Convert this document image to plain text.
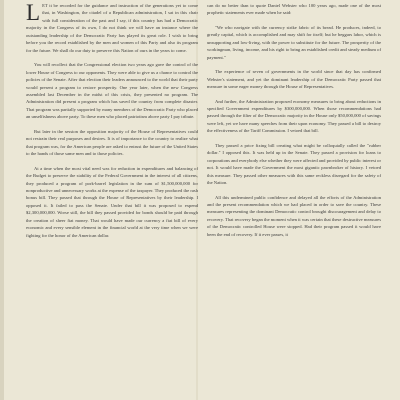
LET it be recorded for the guidance and instruction of the generations yet to come that, in Washington, the citadel of a Republican administration, I sat in this chair with full consideration of the past and I say, if this country has had a Democratic majority in the Congress of its own, I do not think we will have an instance where the outstanding leadership of the Democratic Party has played its great role. I wish to bring before you the record established by the men and women of this Party and also its program for the future. We shall do our duty to preserve this Nation of ours in the years to come.

You will recollect that the Congressional election two years ago gave the control of the lower House of Congress to our opponents. They were able to give us a chance to control the policies of the Senate. After that election their leaders announced to the world that their party would present a program to restore prosperity. One year later, when the new Congress assembled last December in the midst of this crisis, they presented no program. The Administration did present a program which has saved the country from complete disaster. That program was partially supported by many members of the Democratic Party who placed an unselfishness above party. To these men who placed patriotism above party I pay tribute.

But later in the session the opposition majority of the House of Representatives could not restrain their real purposes and desires. It is of importance to the country to realize what that program was, for the American people are asked to entrust the future of the United States to the hands of those same men and to those policies.

At a time when the most vital need was for reduction in expenditures and balancing of the Budget to preserve the stability of the Federal Government in the interest of all citizens, they produced a program of pork-barrel legislation in the sum of $1,500,000,000 for nonproductive and unnecessary works at the expense of the taxpayer. They produced the rash bonus bill. They passed that through the House of Representatives by their leadership. I opposed it. It failed to pass the Senate. Under that bill it was proposed to expend $2,300,000,000. Worse still, the bill they passed provided for bonds should be paid through the creation of sheer fiat money. That would have made our currency a fiat bill of every economic and every sensible element in the financial world at the very time when we were fighting for the honor of the American dollar.

can do no better than to quote Daniel Webster who 100 years ago, made one of the most prophetic statements ever made when he said:

"We who navigate with the currency strike fabric of its bread. He produces, indeed, to greatly capital, which is accomplished and may shift for itself; but he beggars labor, which is unsupporting and low-living, with the power to substitute for the future. The prosperity of the workingman, living, income, and his right to bring an established credit and steady medium of payment."

The experience of seven of governments in the world since that day has confirmed Webster's statement, and yet the dominant leadership of the Democratic Party passed that measure in some eager money through the House of Representatives.

And further, the Administration proposed economy measures to bring about reductions in specified Government expenditures by $300,000,000. When those recommendations had passed through the filter of the Democratic majority in the House only $50,000,000 of savings were left, yet we have many speeches from their upon economy. They passed a bill to destroy the effectiveness of the Tariff Commission. I vetoed that bill.

They passed a price fixing bill creating what might be colloquially called the "rubber dollar." I opposed this. It was held up in the Senate. They passed a provision for loans to corporations and everybody else whether they were affected and provided by public interest or not. It would have made the Government the most gigantic pawnbroker of history. I vetoed this measure. They passed other measures with this same reckless disregard for the safety of the Nation.

All this undermined public confidence and delayed all the efforts of the Administration and the present recommendation which we had placed in order to save the country. These measures representing the dominant Democratic control brought discouragement and delay to recovery. That recovery began the moment when it was certain that these destructive measures of the Democratic controlled House were stopped. Had their program passed it would have been the end of recovery. If it ever passes, it
